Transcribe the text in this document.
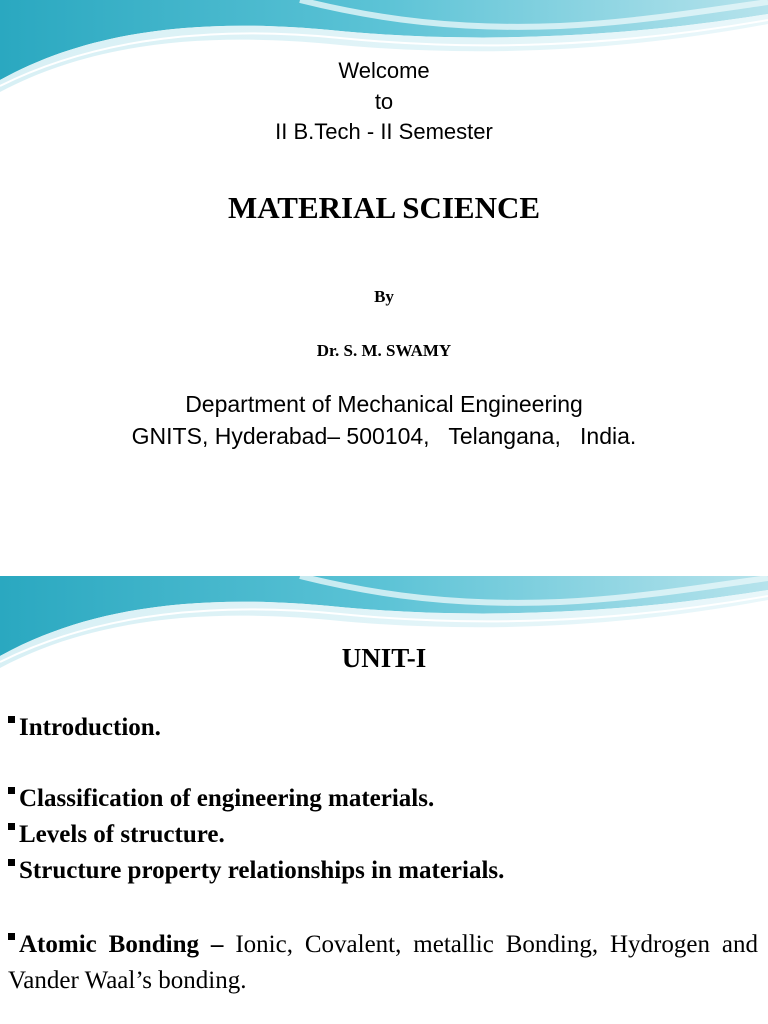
Welcome
to
II B.Tech - II Semester
MATERIAL SCIENCE
By
Dr. S. M. SWAMY
Department of Mechanical Engineering
GNITS, Hyderabad– 500104,   Telangana,   India.
UNIT-I
Introduction.
Classification of engineering materials.
Levels of structure.
Structure property relationships in materials.
Atomic Bonding – Ionic, Covalent, metallic Bonding, Hydrogen and Vander Waal’s bonding.
